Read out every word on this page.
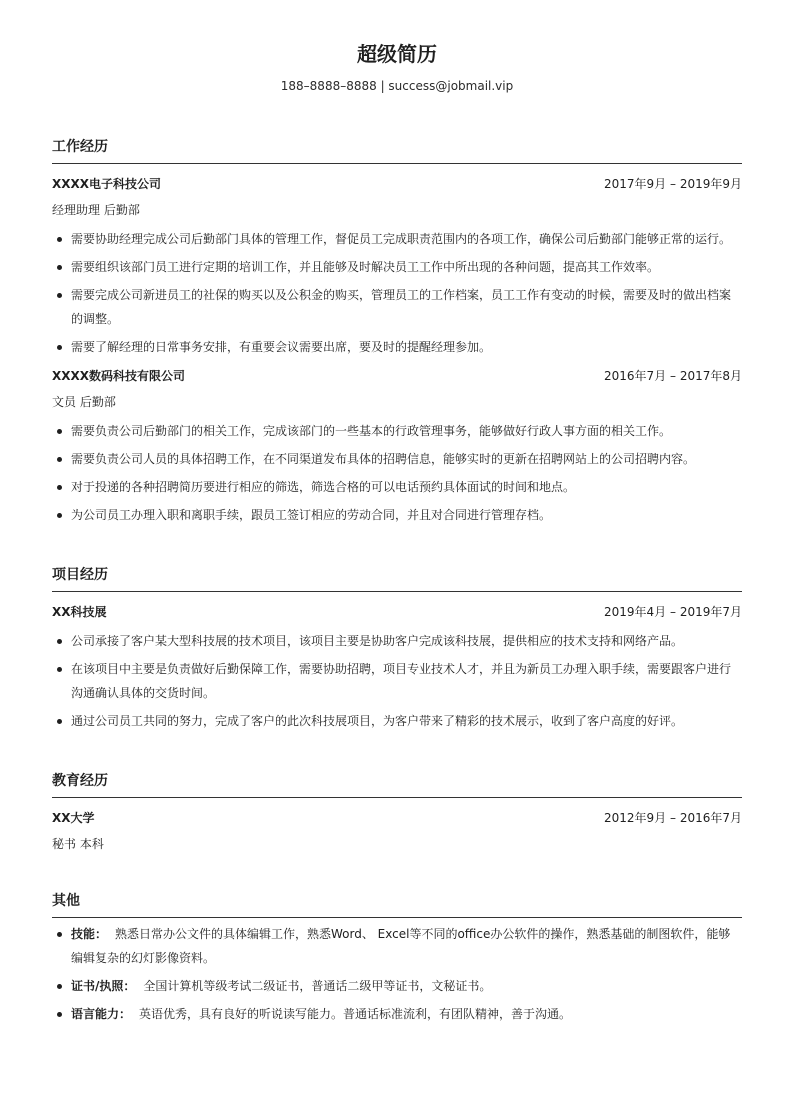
超级简历
188–8888–8888 | success@jobmail.vip
工作经历
XXXX电子科技公司	2017年9月 – 2019年9月
经理助理 后勤部
需要协助经理完成公司后勤部门具体的管理工作，督促员工完成职责范围内的各项工作，确保公司后勤部门能够正常的运行。
需要组织该部门员工进行定期的培训工作，并且能够及时解决员工工作中所出现的各种问题，提高其工作效率。
需要完成公司新进员工的社保的购买以及公积金的购买，管理员工的工作档案，员工工作有变动的时候，需要及时的做出档案的调整。
需要了解经理的日常事务安排，有重要会议需要出席，要及时的提醒经理参加。
XXXX数码科技有限公司	2016年7月 – 2017年8月
文员 后勤部
需要负责公司后勤部门的相关工作，完成该部门的一些基本的行政管理事务，能够做好行政人事方面的相关工作。
需要负责公司人员的具体招聘工作，在不同渠道发布具体的招聘信息，能够实时的更新在招聘网站上的公司招聘内容。
对于投递的各种招聘简历要进行相应的筛选，筛选合格的可以电话预约具体面试的时间和地点。
为公司员工办理入职和离职手续，跟员工签订相应的劳动合同，并且对合同进行管理存档。
项目经历
XX科技展	2019年4月 – 2019年7月
公司承接了客户某大型科技展的技术项目，该项目主要是协助客户完成该科技展，提供相应的技术支持和网络产品。
在该项目中主要是负责做好后勤保障工作，需要协助招聘，项目专业技术人才，并且为新员工办理入职手续，需要跟客户进行沟通确认具体的交货时间。
通过公司员工共同的努力，完成了客户的此次科技展项目，为客户带来了精彩的技术展示，收到了客户高度的好评。
教育经历
XX大学	2012年9月 – 2016年7月
秘书 本科
其他
技能： 熟悉日常办公文件的具体编辑工作，熟悉Word、 Excel等不同的office办公软件的操作，熟悉基础的制图软件，能够编辑复杂的幻灯影像资料。
证书/执照： 全国计算机等级考试二级证书，普通话二级甲等证书，文秘证书。
语言能力： 英语优秀，具有良好的听说读写能力。普通话标准流利，有团队精神，善于沟通。
